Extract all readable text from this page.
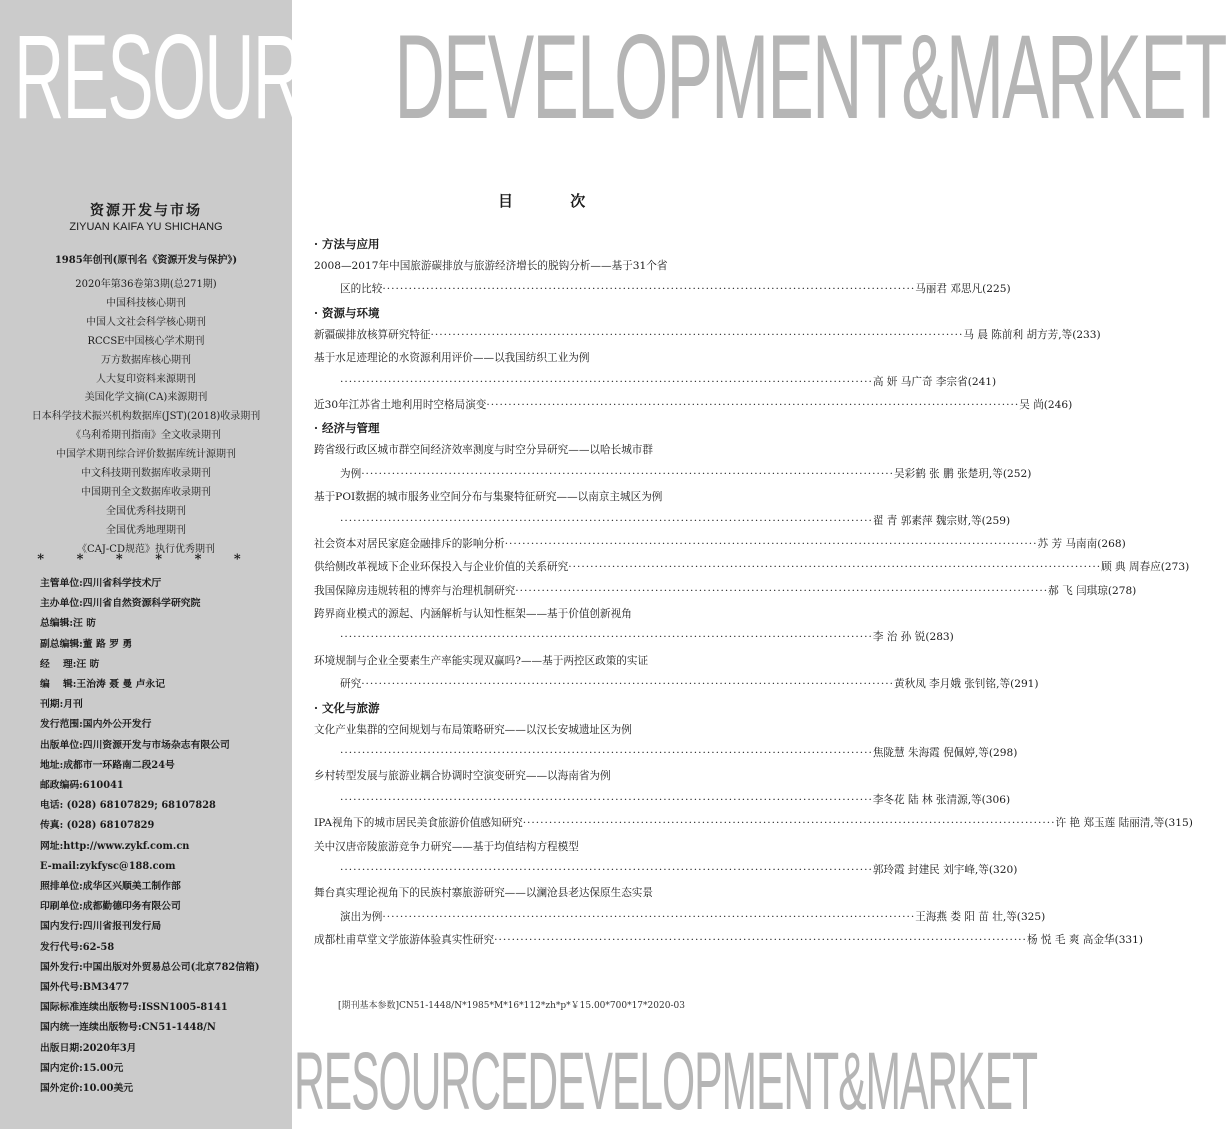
RESOURCEDEVELOPMENT&MARKET
资源开发与市场
ZIYUAN KAIFA YU SHICHANG
1985年创刊(原刊名《资源开发与保护》)
2020年第36卷第3期(总271期)
中国科技核心期刊
中国人文社会科学核心期刊
RCCSE中国核心学术期刊
万方数据库核心期刊
人大复印资料来源期刊
美国化学文摘(CA)来源期刊
日本科学技术振兴机构数据库(JST)(2018)收录期刊
《乌利希期刊指南》全文收录期刊
中国学术期刊综合评价数据库统计源期刊
中文科技期刊数据库收录期刊
中国期刊全文数据库收录期刊
全国优秀科技期刊
全国优秀地理期刊
《CAJ-CD规范》执行优秀期刊
* * * * * *
主管单位:四川省科学技术厅
主办单位:四川省自然资源科学研究院
总编辑:汪 昉
副总编辑:董 路 罗 勇
经　 理:汪 昉
编　 辑:王治涛 聂 曼 卢永记
刊期:月刊
发行范围:国内外公开发行
出版单位:四川资源开发与市场杂志有限公司
地址:成都市一环路南二段24号
邮政编码:610041
电话: (028) 68107829; 68107828
传真: (028) 68107829
网址:http://www.zykf.com.cn
E-mail:zykfysc@188.com
照排单位:成华区兴顺美工制作部
印刷单位:成都勤德印务有限公司
国内发行:四川省报刊发行局
发行代号:62-58
国外发行:中国出版对外贸易总公司(北京782信箱)
国外代号:BM3477
国际标准连续出版物号:ISSN1005-8141
国内统一连续出版物号:CN51-1448/N
出版日期:2020年3月
国内定价:15.00元
国外定价:10.00美元
目 次
· 方法与应用
2008—2017年中国旅游碳排放与旅游经济增长的脱钩分析——基于31个省
区的比较 ·····	马丽君 邓思凡(225)
· 资源与环境
新疆碳排放核算研究特征 ·····	马 晨 陈前利 胡方芳,等(233)
基于水足迹理论的水资源利用评价——以我国纺织工业为例
·····
高 妍 马广奇 李宗省(241)
近30年江苏省土地利用时空格局演变 ·····	吴 尚(246)
· 经济与管理
跨省级行政区城市群空间经济效率测度与时空分异研究——以哈长城市群
为例 ·····	吴彩鹤 张 鹏 张楚玥,等(252)
基于POI数据的城市服务业空间分布与集聚特征研究——以南京主城区为例
·····
翟 青 郭素萍 魏宗财,等(259)
社会资本对居民家庭金融排斥的影响分析 ·····	苏 芳 马南南(268)
供给侧改革视域下企业环保投入与企业价值的关系研究 ·····	顾 典 周春应(273)
我国保障房违规转租的博弈与治理机制研究 ·····	郝 飞 闫琪琼(278)
跨界商业模式的源起、内涵解析与认知性框架——基于价值创新视角
·····
李 治 孙 锐(283)
环境规制与企业全要素生产率能实现双赢吗?——基于两控区政策的实证
研究 ·····	黄秋凤 李月娥 张钊铭,等(291)
· 文化与旅游
文化产业集群的空间规划与布局策略研究——以汉长安城遗址区为例
·····
焦陇慧 朱海霞 倪佩婷,等(298)
乡村转型发展与旅游业耦合协调时空演变研究——以海南省为例
·····
李冬花 陆 林 张清源,等(306)
IPA视角下的城市居民美食旅游价值感知研究 ·····	许 艳 郑玉莲 陆丽清,等(315)
关中汉唐帝陵旅游竞争力研究——基于均值结构方程模型
·····
郭玲霞 封建民 刘宇峰,等(320)
舞台真实理论视角下的民族村寨旅游研究——以澜沧县老达保原生态实景
演出为例 ·····	王海燕 娄 阳 苗 壮,等(325)
成都杜甫草堂文学旅游体验真实性研究 ·····	杨 悦 毛 爽 高金华(331)
[期刊基本参数]CN51-1448/N*1985*M*16*112*zh*p*￥15.00*700*17*2020-03
RESOURCEDEVELOPMENT&MARKET
